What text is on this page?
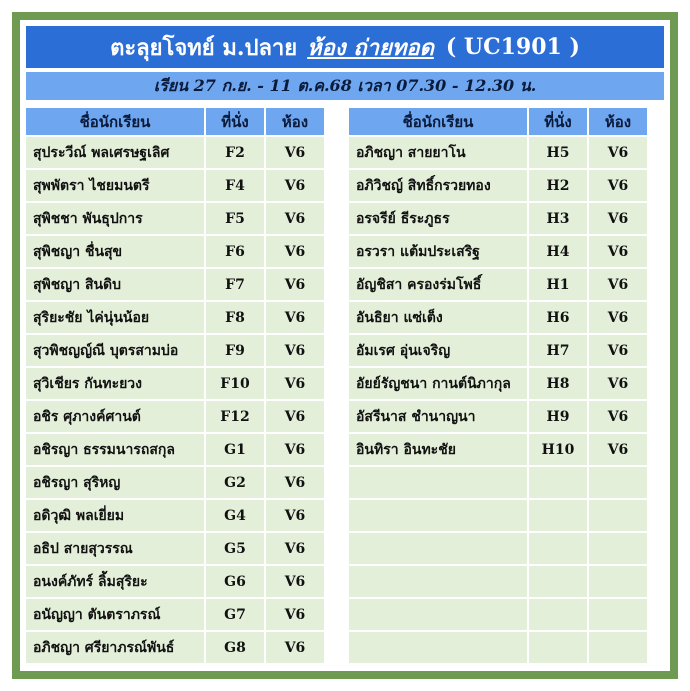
ตะลุยโจทย์ ม.ปลาย ห้อง ถ่ายทอด ( UC1901 )
เรียน 27 ก.ย. - 11 ต.ค.68 เวลา 07.30 - 12.30 น.
ชื่อนักเรียน	ที่นั่ง	ห้อง
สุประวีณ์ พลเศรษฐเลิศ	F2	V6
สุพพัตรา ไชยมนตรี	F4	V6
สุพิชชา พันธุปการ	F5	V6
สุพิชญา ชื่นสุข	F6	V6
สุพิชญา สินดิบ	F7	V6
สุริยะชัย ไค่นุ่นน้อย	F8	V6
สุวพิชญญ์ณี บุตรสามบ่อ	F9	V6
สุวิเชียร กันทะยวง	F10	V6
อชิร ศุภางค์ศานต์	F12	V6
อชิรญา ธรรมนารถสกุล	G1	V6
อชิรญา สุริหญ	G2	V6
อดิวุฒิ พลเยี่ยม	G4	V6
อธิป สายสุวรรณ	G5	V6
อนงค์ภัทร์ ลิ้มสุริยะ	G6	V6
อนัญญา ตันตราภรณ์	G7	V6
อภิชญา ศรียาภรณ์พันธ์	G8	V6
ชื่อนักเรียน	ที่นั่ง	ห้อง
อภิชญา สายยาโน	H5	V6
อภิวิชญ์ สิทธิ์กรวยทอง	H2	V6
อรจรีย์ ธีระภูธร	H3	V6
อรวรา แต้มประเสริฐ	H4	V6
อัญชิสา ครองร่มโพธิ์	H1	V6
อันธิยา แซ่เต็ง	H6	V6
อัมเรศ อุ่นเจริญ	H7	V6
อัยย์รัญชนา กานต์นิภากุล	H8	V6
อัสรีนาส ชำนาญนา	H9	V6
อินทิรา อินทะชัย	H10	V6
